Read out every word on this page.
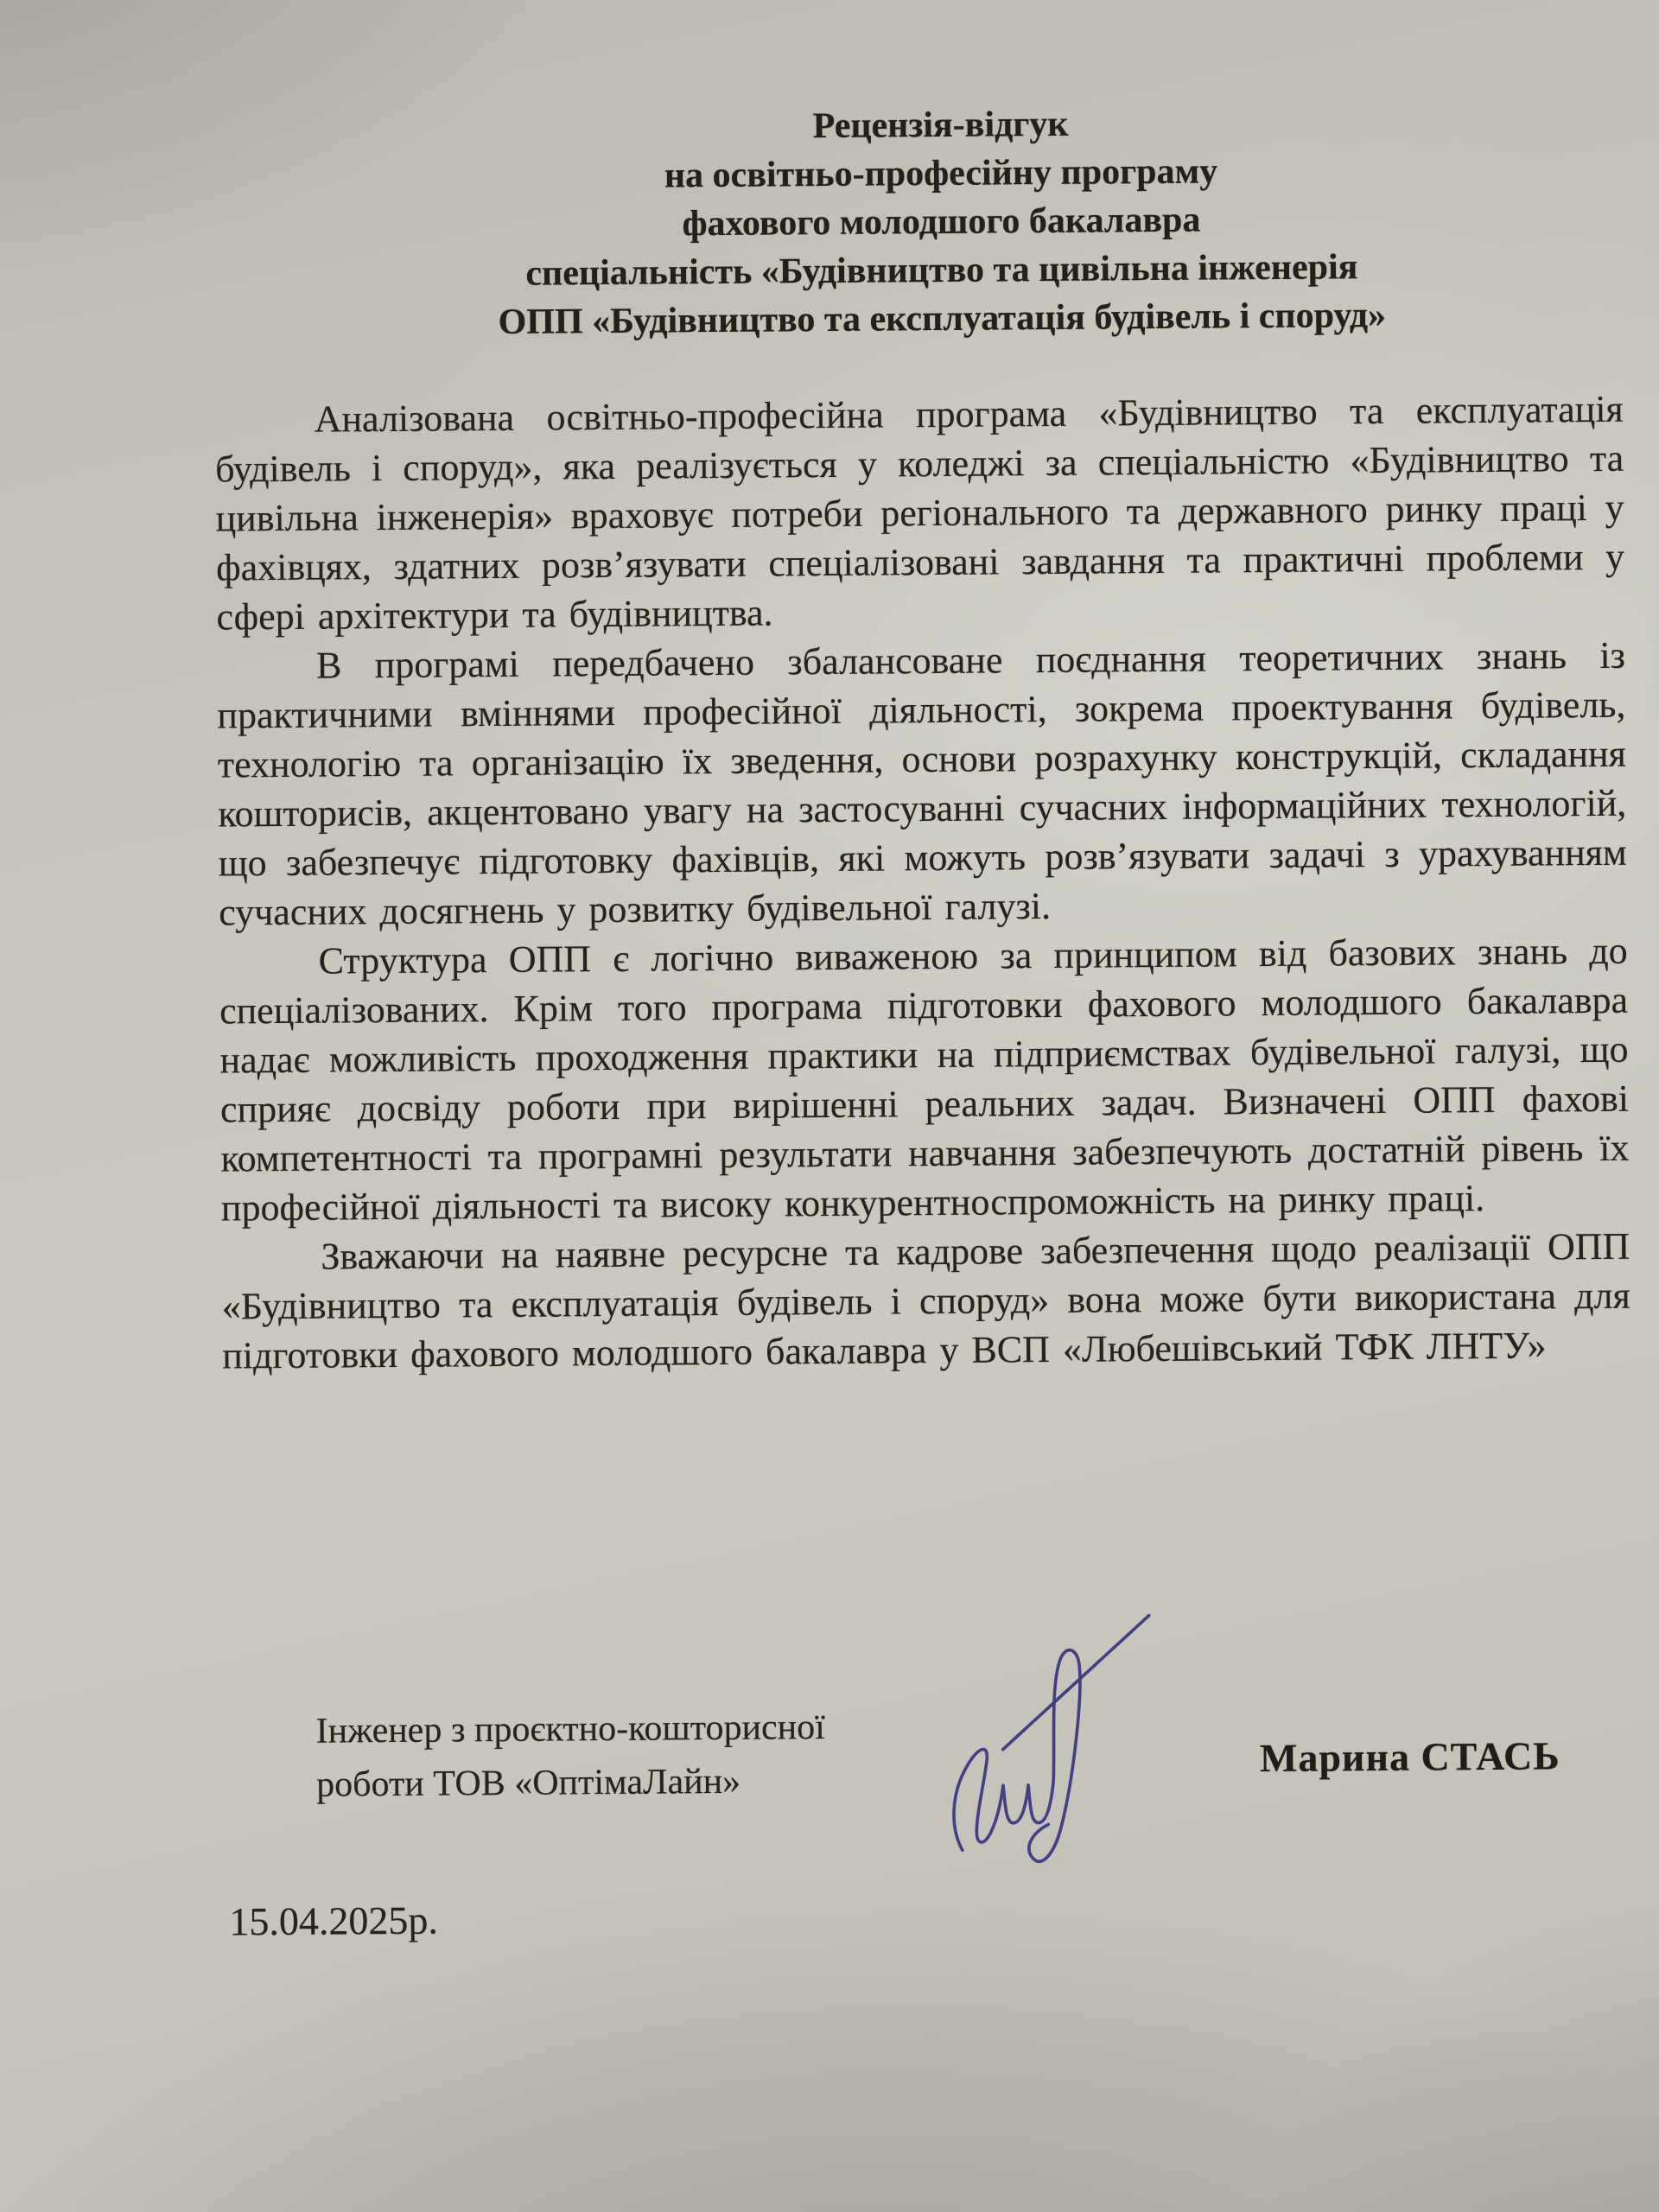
Рецензія-відгук
на освітньо-професійну програму
фахового молодшого бакалавра
спеціальність «Будівництво та цивільна інженерія
ОПП «Будівництво та експлуатація будівель і споруд»

Аналізована освітньо-професійна програма «Будівництво та експлуатація будівель і споруд», яка реалізується у коледжі за спеціальністю «Будівництво та цивільна інженерія» враховує потреби регіонального та державного ринку праці у фахівцях, здатних розв’язувати спеціалізовані завдання та практичні проблеми у сфері архітектури та будівництва.

В програмі передбачено збалансоване поєднання теоретичних знань із практичними вміннями професійної діяльності, зокрема проектування будівель, технологію та організацію їх зведення, основи розрахунку конструкцій, складання кошторисів, акцентовано увагу на застосуванні сучасних інформаційних технологій, що забезпечує підготовку фахівців, які можуть розв’язувати задачі з урахуванням сучасних досягнень у розвитку будівельної галузі.

Структура ОПП є логічно виваженою за принципом від базових знань до спеціалізованих. Крім того програма підготовки фахового молодшого бакалавра надає можливість проходження практики на підприємствах будівельної галузі, що сприяє досвіду роботи при вирішенні реальних задач. Визначені ОПП фахові компетентності та програмні результати навчання забезпечують достатній рівень їх професійної діяльності та високу конкурентноспроможність на ринку праці.

Зважаючи на наявне ресурсне та кадрове забезпечення щодо реалізації ОПП «Будівництво та експлуатація будівель і споруд» вона може бути використана для підготовки фахового молодшого бакалавра у ВСП «Любешівський ТФК ЛНТУ»

Інженер з проєктно-кошторисної
роботи ТОВ «ОптімаЛайн»
Марина СТАСЬ
15.04.2025р.
